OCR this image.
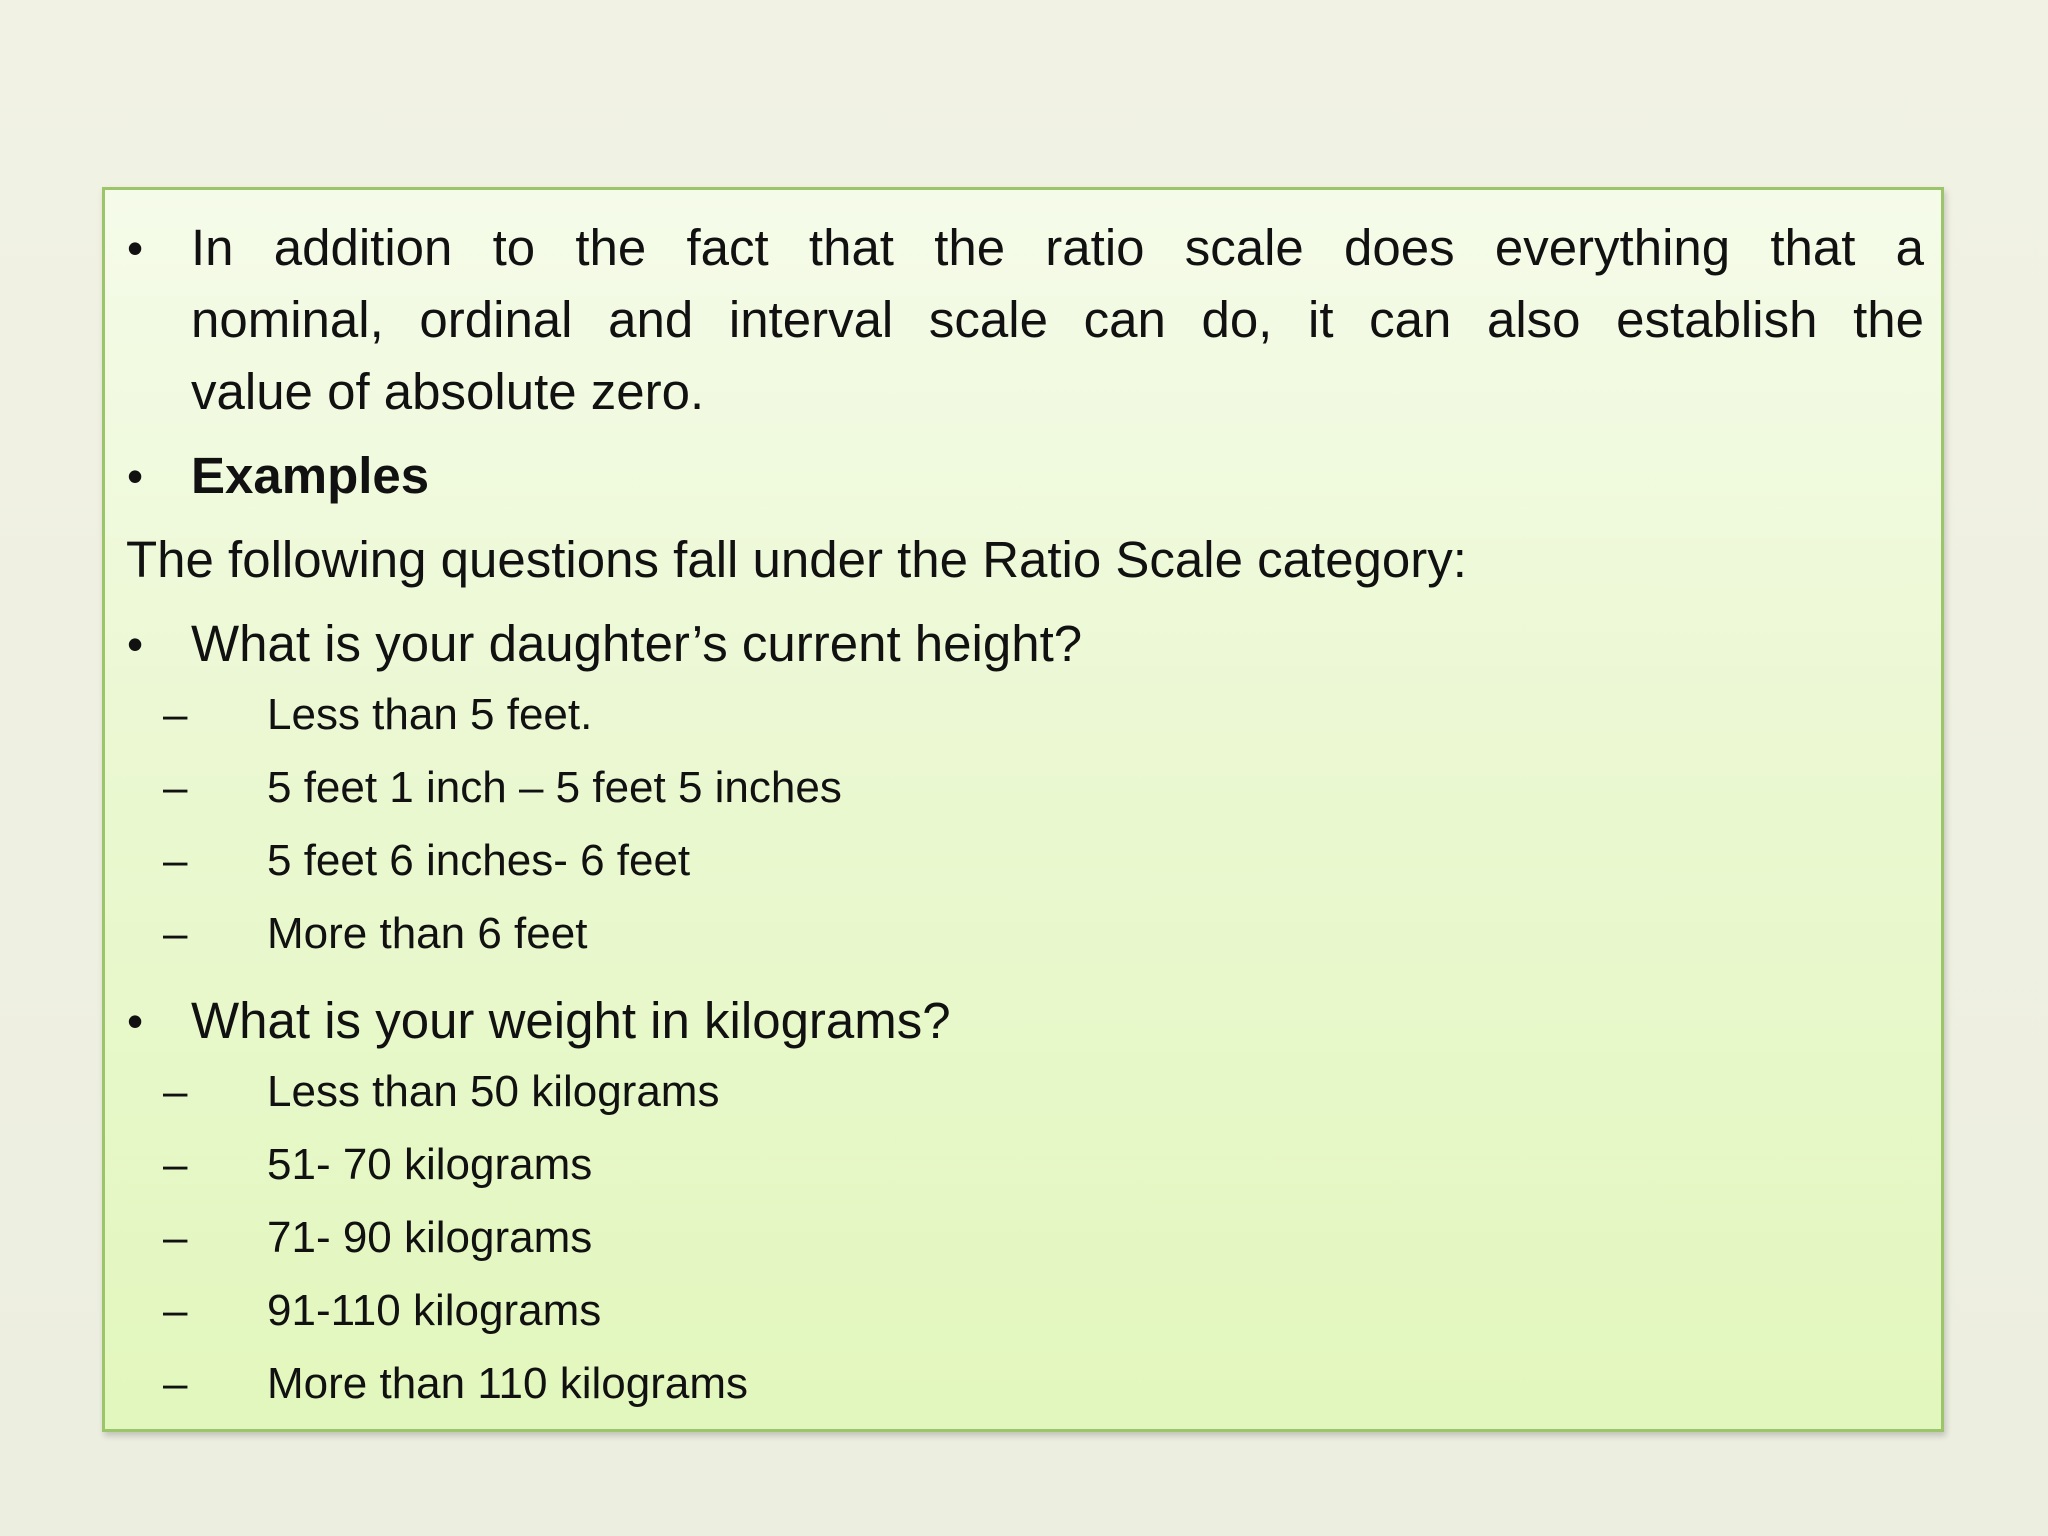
• In addition to the fact that the ratio scale does everything that a
nominal, ordinal and interval scale can do, it can also establish the
value of absolute zero.
• Examples
The following questions fall under the Ratio Scale category:
• What is your daughter’s current height?
– Less than 5 feet.
– 5 feet 1 inch – 5 feet 5 inches
– 5 feet 6 inches- 6 feet
– More than 6 feet
• What is your weight in kilograms?
– Less than 50 kilograms
– 51- 70 kilograms
– 71- 90 kilograms
– 91-110 kilograms
– More than 110 kilograms
